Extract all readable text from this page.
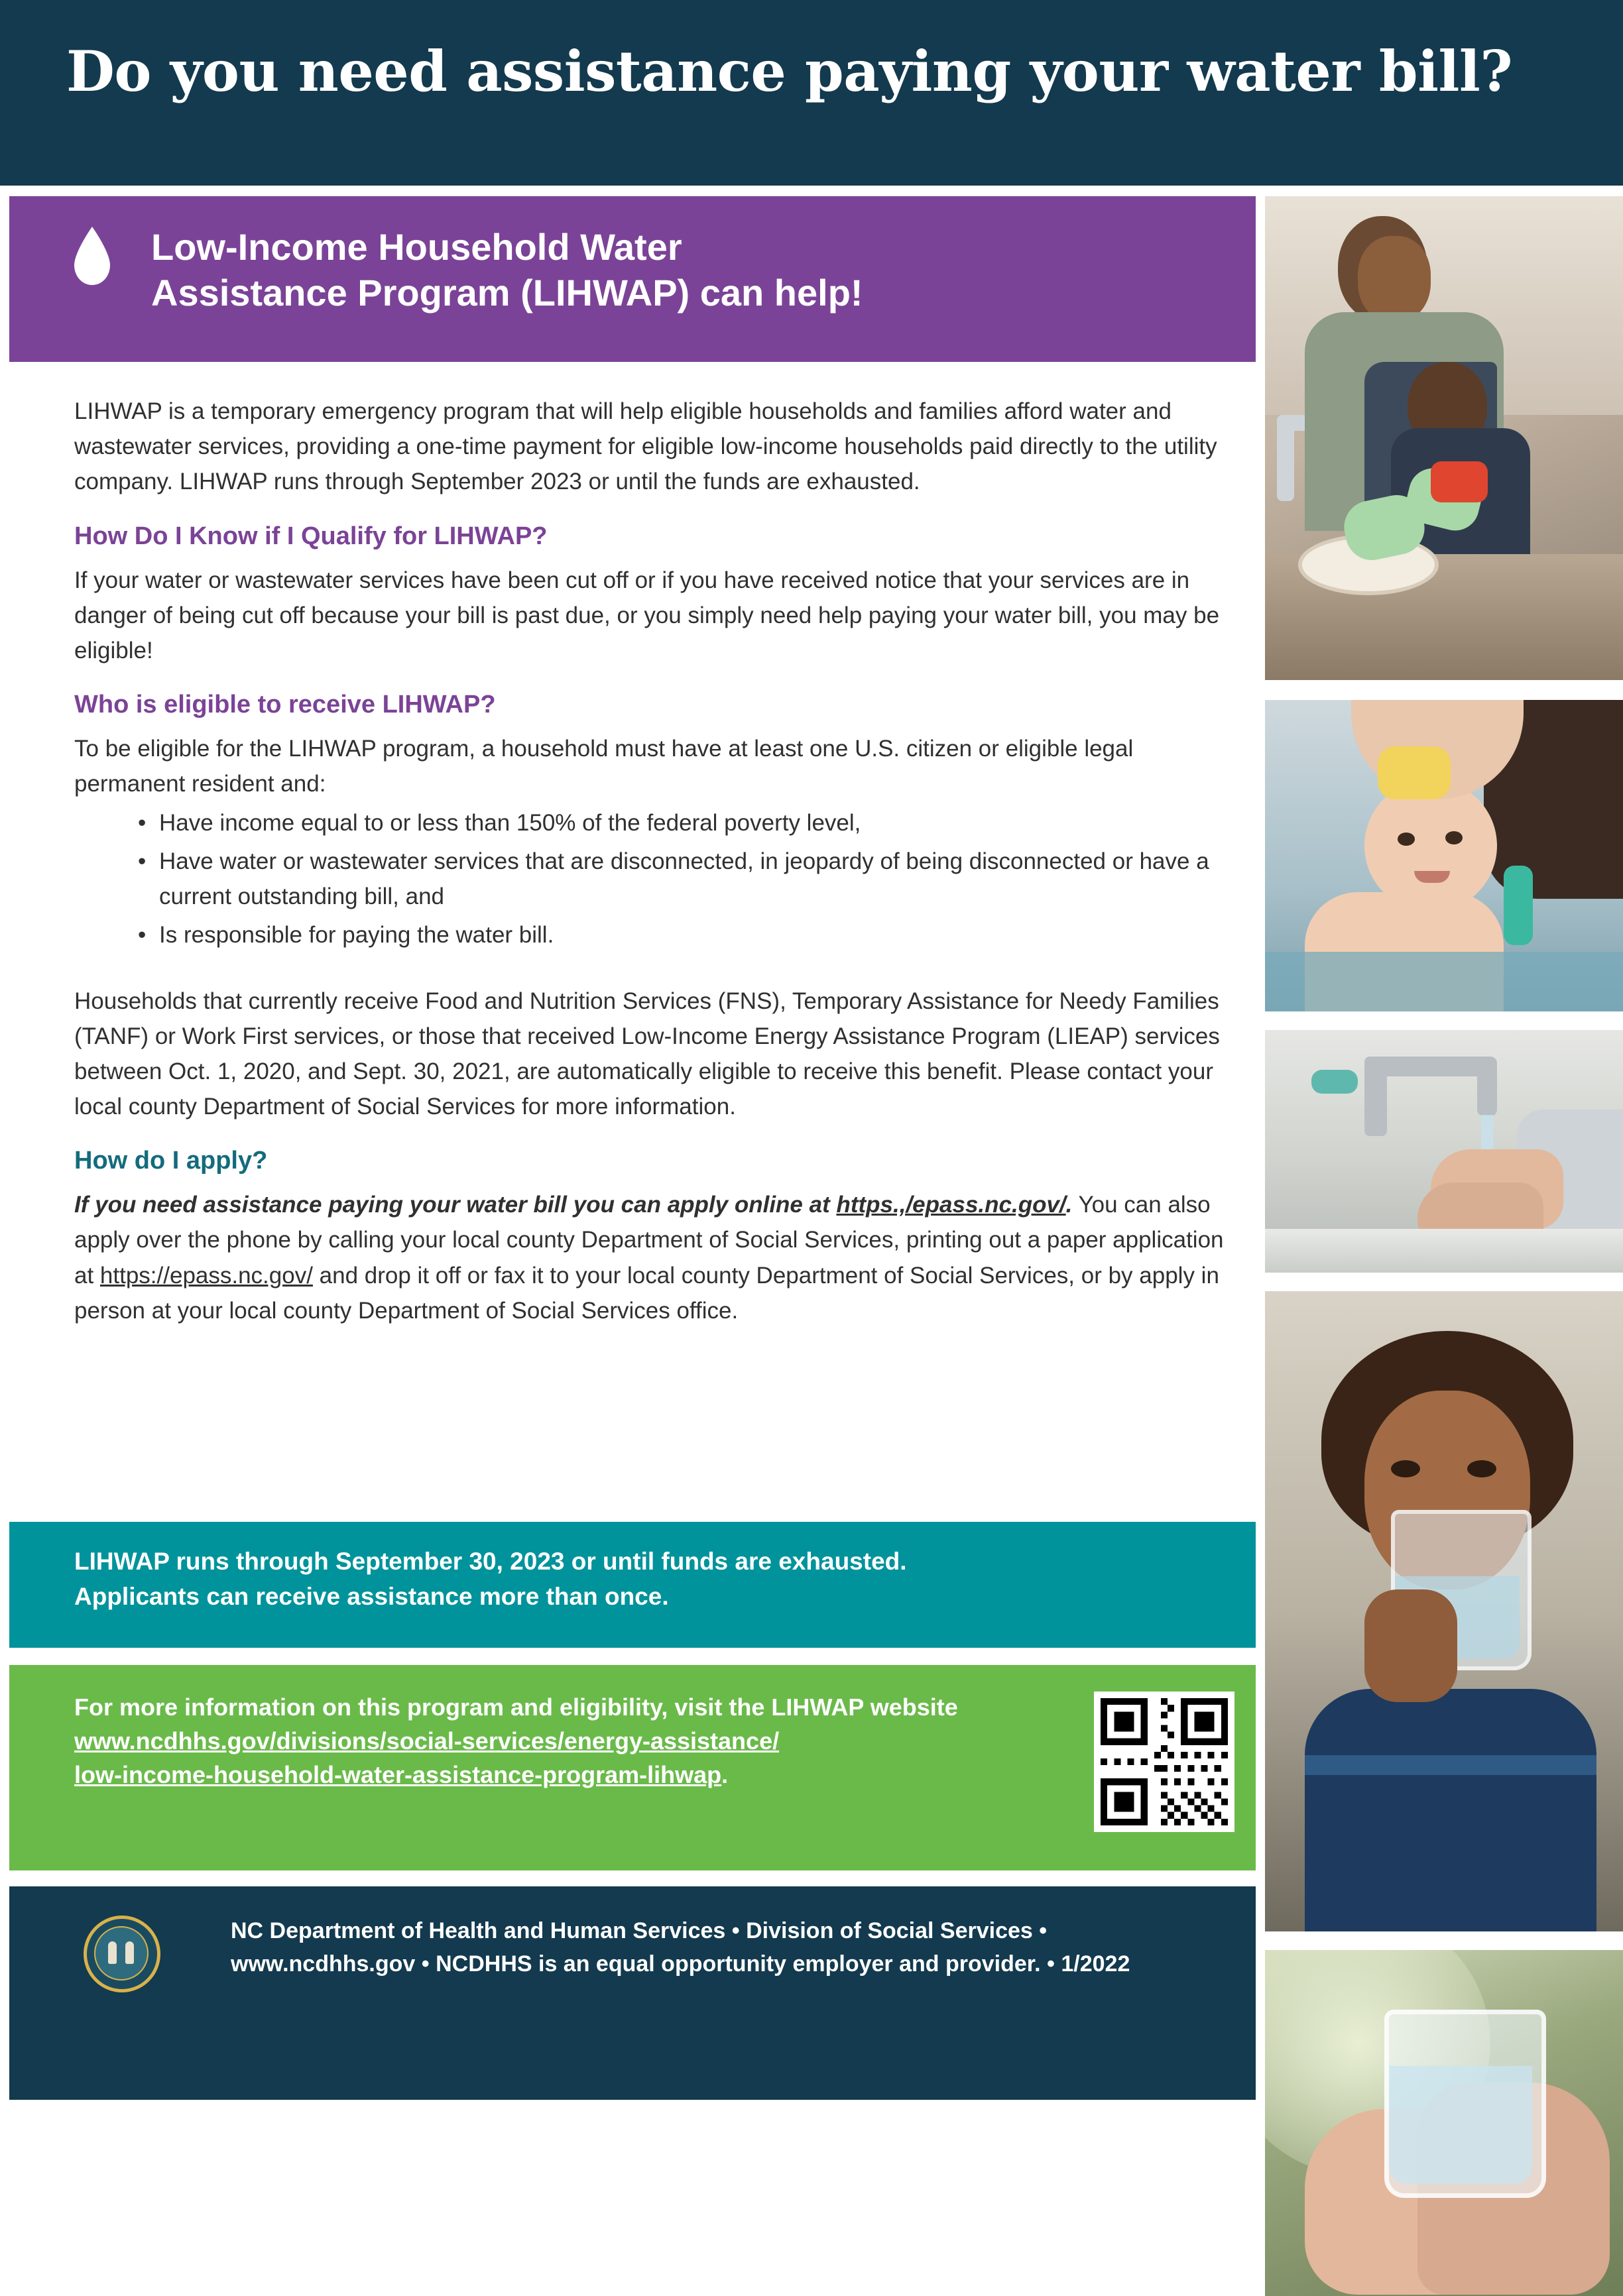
Do you need assistance paying your water bill?
Low-Income Household Water
Assistance Program (LIHWAP) can help!

LIHWAP is a temporary emergency program that will help eligible households and families afford water and wastewater services, providing a one-time payment for eligible low-income households paid directly to the utility company. LIHWAP runs through September 2023 or until the funds are exhausted.

How Do I Know if I Qualify for LIHWAP?

If your water or wastewater services have been cut off or if you have received notice that your services are in danger of being cut off because your bill is past due, or you simply need help paying your water bill, you may be eligible!

Who is eligible to receive LIHWAP?

To be eligible for the LIHWAP program, a household must have at least one U.S. citizen or eligible legal permanent resident and:

• Have income equal to or less than 150% of the federal poverty level,
• Have water or wastewater services that are disconnected, in jeopardy of being disconnected or have a current outstanding bill, and
• Is responsible for paying the water bill.

Households that currently receive Food and Nutrition Services (FNS), Temporary Assistance for Needy Families (TANF) or Work First services, or those that received Low-Income Energy Assistance Program (LIEAP) services between Oct. 1, 2020, and Sept. 30, 2021, are automatically eligible to receive this benefit. Please contact your local county Department of Social Services for more information.

How do I apply?

If you need assistance paying your water bill you can apply online at https.,/epass.nc.gov/. You can also apply over the phone by calling your local county Department of Social Services, printing out a paper application at https://epass.nc.gov/ and drop it off or fax it to your local county Department of Social Services, or by apply in person at your local county Department of Social Services office.

LIHWAP runs through September 30, 2023 or until funds are exhausted.
Applicants can receive assistance more than once.
For more information on this program and eligibility, visit the LIHWAP website www.ncdhhs.gov/divisions/social-services/energy-assistance/
low-income-household-water-assistance-program-lihwap.
NC Department of Health and Human Services • Division of Social Services • www.ncdhhs.gov • NCDHHS is an equal opportunity employer and provider. • 1/2022
